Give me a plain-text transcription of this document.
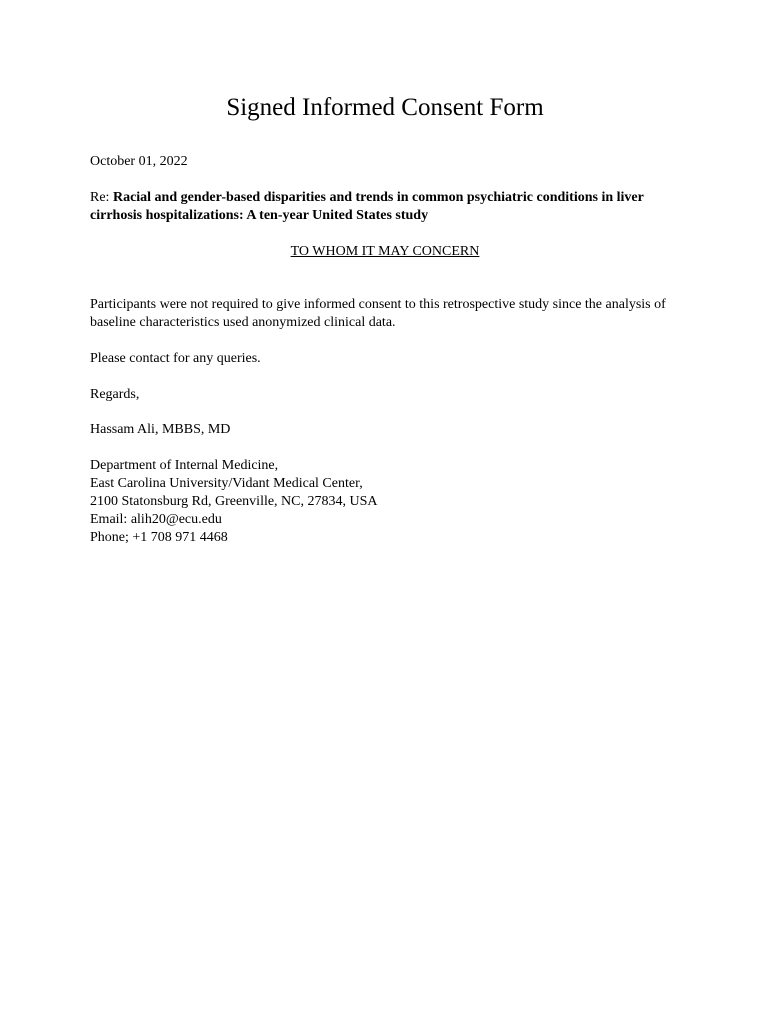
Signed Informed Consent Form

October 01, 2022

Re: Racial and gender-based disparities and trends in common psychiatric conditions in liver cirrhosis hospitalizations: A ten-year United States study

TO WHOM IT MAY CONCERN

Participants were not required to give informed consent to this retrospective study since the analysis of baseline characteristics used anonymized clinical data.

Please contact for any queries.

Regards,

Hassam Ali, MBBS, MD

Department of Internal Medicine,
East Carolina University/Vidant Medical Center,
2100 Statonsburg Rd, Greenville, NC, 27834, USA
Email: alih20@ecu.edu
Phone; +1 708 971 4468
